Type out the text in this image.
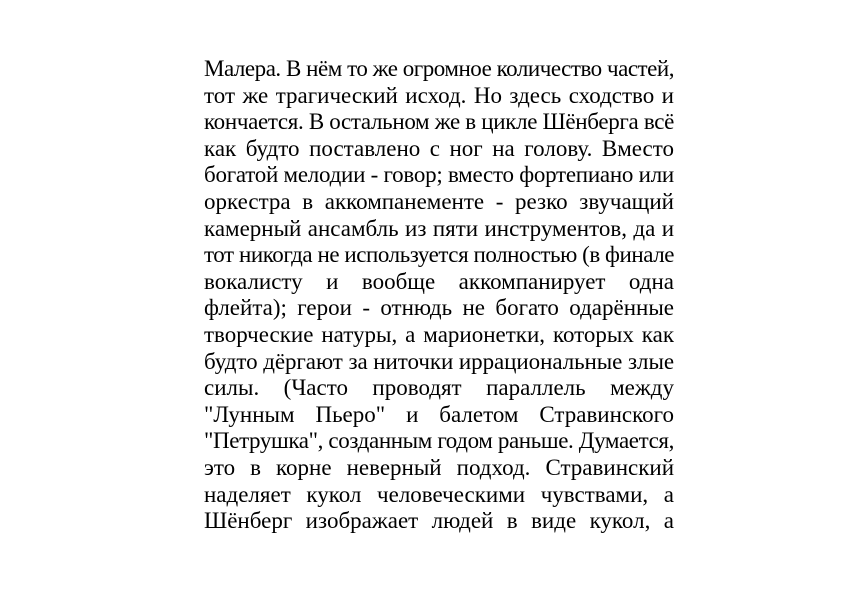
Малера. В нём то же огромное количество частей,
тот же трагический исход. Но здесь сходство и
кончается. В остальном же в цикле Шёнберга всё
как будто поставлено с ног на голову. Вместо
богатой мелодии - говор; вместо фортепиано или
оркестра в аккомпанементе - резко звучащий
камерный ансамбль из пяти инструментов, да и
тот никогда не используется полностью (в финале
вокалисту и вообще аккомпанирует одна
флейта); герои - отнюдь не богато одарённые
творческие натуры, а марионетки, которых как
будто дёргают за ниточки иррациональные злые
силы. (Часто проводят параллель между
"Лунным Пьеро" и балетом Стравинского
"Петрушка", созданным годом раньше. Думается,
это в корне неверный подход. Стравинский
наделяет кукол человеческими чувствами, а
Шёнберг изображает людей в виде кукол, а
